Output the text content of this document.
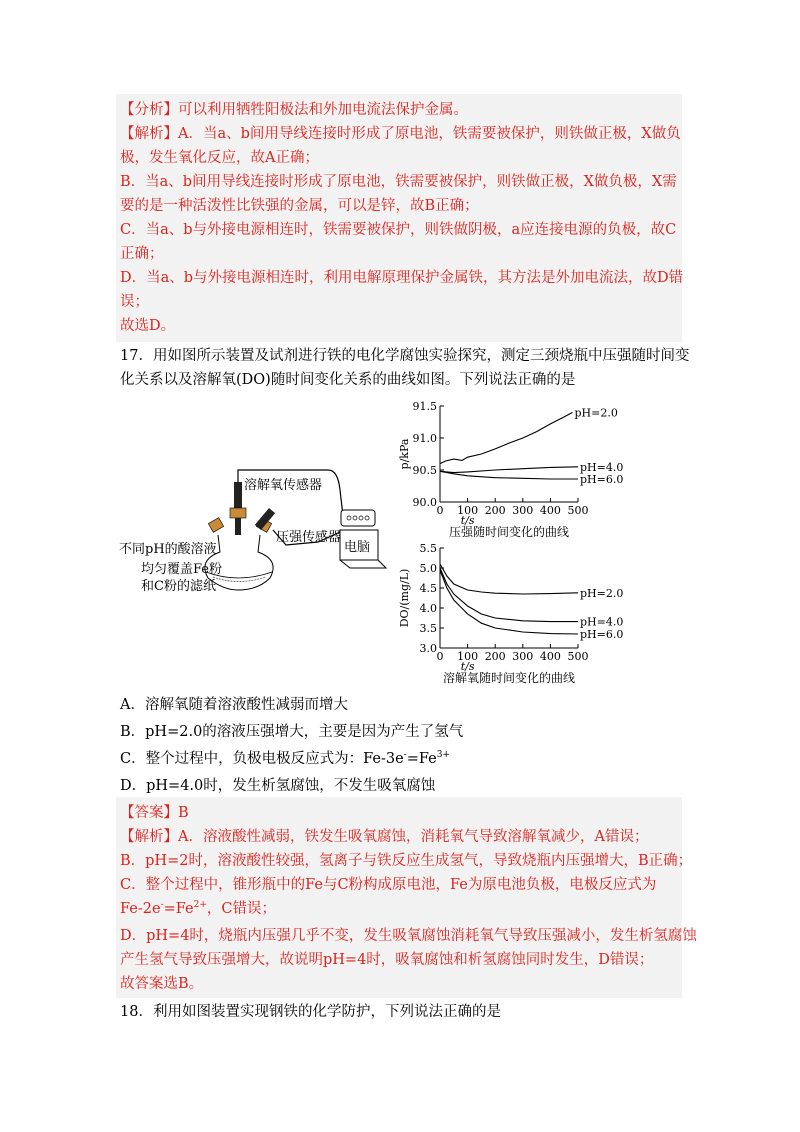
【分析】可以利用牺牲阳极法和外加电流法保护金属。
【解析】A．当a、b间用导线连接时形成了原电池，铁需要被保护，则铁做正极，X做负
极，发生氧化反应，故A正确；
B．当a、b间用导线连接时形成了原电池，铁需要被保护，则铁做正极，X做负极，X需
要的是一种活泼性比铁强的金属，可以是锌，故B正确；
C．当a、b与外接电源相连时，铁需要被保护，则铁做阴极，a应连接电源的负极，故C
正确；
D．当a、b与外接电源相连时，利用电解原理保护金属铁，其方法是外加电流法，故D错
误；
故选D。
17．用如图所示装置及试剂进行铁的电化学腐蚀实验探究，测定三颈烧瓶中压强随时间变
化关系以及溶解氧(DO)随时间变化关系的曲线如图。下列说法正确的是
溶解氧传感器
压强传感器
不同pH的酸溶液
均匀覆盖Fe粉
和C粉的滤纸
电脑
90.0
90.5
91.0
91.5
0 100 200 300 400 500
t/s
p/kPa
压强随时间变化的曲线
pH=2.0
pH=4.0
pH=6.0
3.0
3.5
4.0
4.5
5.0
5.5
0 100 200 300 400 500
t/s
DO/(mg/L)
溶解氧随时间变化的曲线
pH=2.0
pH=4.0
pH=6.0
A．溶解氧随着溶液酸性减弱而增大
B．pH=2.0的溶液压强增大，主要是因为产生了氢气
C．整个过程中，负极电极反应式为：$Fe-3e^-=Fe^{3+}$
D．pH=4.0时，发生析氢腐蚀，不发生吸氧腐蚀
【答案】B
【解析】A．溶液酸性减弱，铁发生吸氧腐蚀，消耗氧气导致溶解氧减少，A错误；
B．pH=2时，溶液酸性较强，氢离子与铁反应生成氢气，导致烧瓶内压强增大，B正确；
C．整个过程中，锥形瓶中的Fe与C粉构成原电池，Fe为原电池负极，电极反应式为
$Fe-2e^-=Fe^{2+}$，C错误；
D．pH=4时，烧瓶内压强几乎不变，发生吸氧腐蚀消耗氧气导致压强减小，发生析氢腐蚀
产生氢气导致压强增大，故说明pH=4时，吸氧腐蚀和析氢腐蚀同时发生，D错误；
故答案选B。
18．利用如图装置实现钢铁的化学防护，下列说法正确的是
